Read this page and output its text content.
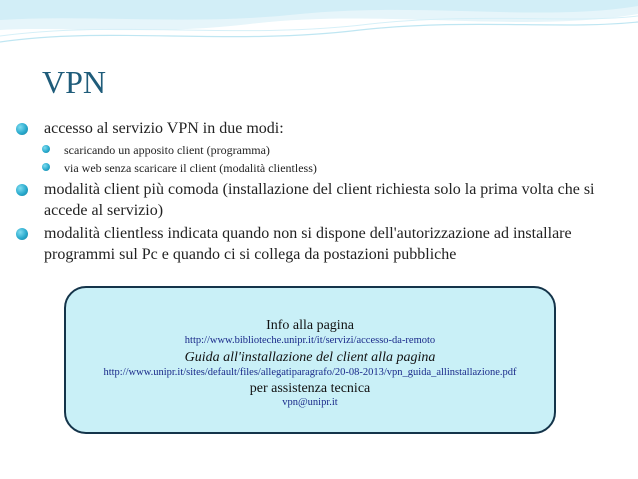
VPN
accesso al servizio VPN in due modi:
scaricando un apposito client (programma)
via web senza scaricare il client (modalità clientless)
modalità client più comoda (installazione del client richiesta solo la prima volta che si accede al servizio)
modalità clientless indicata quando non si dispone dell'autorizzazione ad installare programmi sul Pc e quando ci si collega da postazioni pubbliche
Info alla pagina
http://www.biblioteche.unipr.it/it/servizi/accesso-da-remoto
Guida all'installazione del client alla pagina
http://www.unipr.it/sites/default/files/allegatiparagrafo/20-08-2013/vpn_guida_allinstallazione.pdf
per assistenza tecnica
vpn@unipr.it
